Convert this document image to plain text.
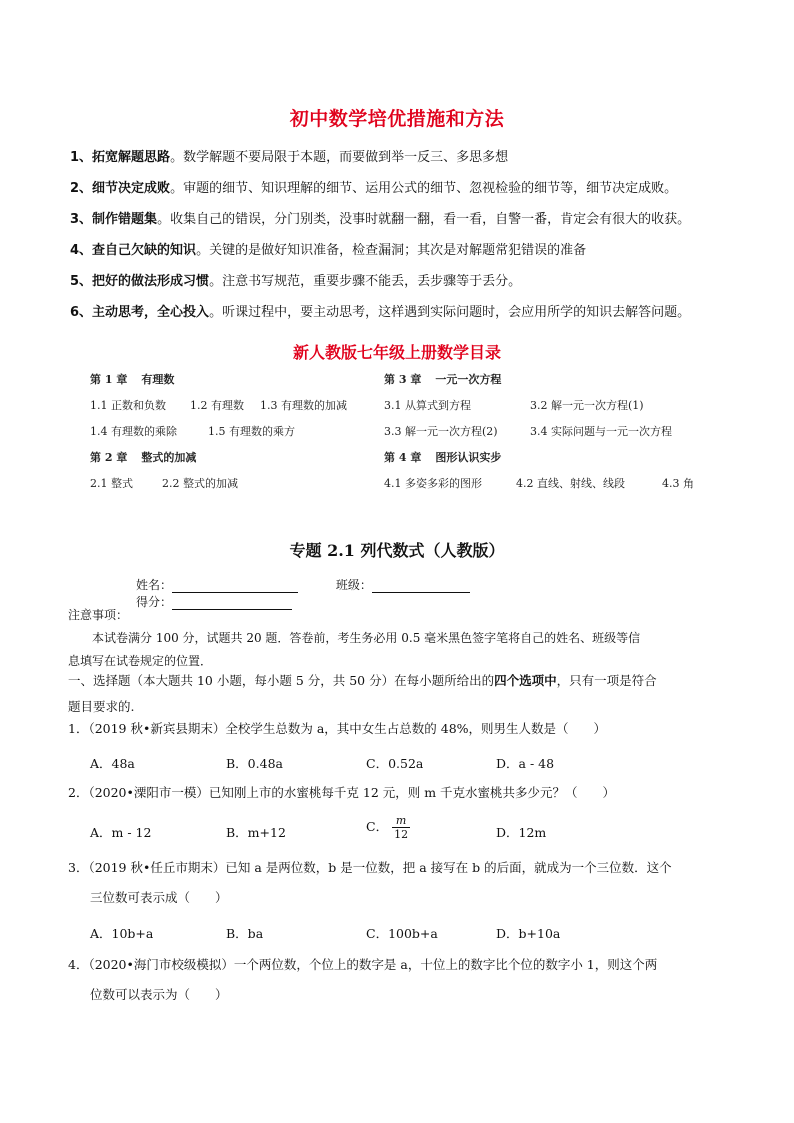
初中数学培优措施和方法
1、拓宽解题思路。数学解题不要局限于本题，而要做到举一反三、多思多想
2、细节决定成败。审题的细节、知识理解的细节、运用公式的细节、忽视检验的细节等，细节决定成败。
3、制作错题集。收集自己的错误，分门别类，没事时就翻一翻，看一看，自警一番，肯定会有很大的收获。
4、查自己欠缺的知识。关键的是做好知识准备，检查漏洞；其次是对解题常犯错误的准备
5、把好的做法形成习惯。注意书写规范，重要步骤不能丢，丢步骤等于丢分。
6、主动思考，全心投入。听课过程中，要主动思考，这样遇到实际问题时，会应用所学的知识去解答问题。
新人教版七年级上册数学目录
第 1 章 有理数
1.1 正数和负数 1.2 有理数 1.3 有理数的加减
1.4 有理数的乘除	1.5 有理数的乘方
第 2 章 整式的加减
2.1 整式	2.2 整式的加减
第 3 章 一元一次方程
3.1 从算式到方程	3.2 解一元一次方程(1)
3.3 解一元一次方程(2)	3.4 实际问题与一元一次方程
第 4 章 图形认识实步
4.1 多姿多彩的图形	4.2 直线、射线、线段	4.3 角
专题 2.1 列代数式（人教版）
姓名：	班级： 得分：
注意事项：
本试卷满分 100 分，试题共 20 题．答卷前，考生务必用 0.5 毫米黑色签字笔将自己的姓名、班级等信
息填写在试卷规定的位置．
一、选择题（本大题共 10 小题，每小题 5 分，共 50 分）在每小题所给出的四个选项中，只有一项是符合
题目要求的.
1．（2019 秋•新宾县期末）全校学生总数为 a，其中女生占总数的 48%，则男生人数是（　　）
A．48a	B．0.48a	C．0.52a	D．a - 48
2．（2020•溧阳市一模）已知刚上市的水蜜桃每千克 12 元，则 m 千克水蜜桃共多少元？（　　）
A．m - 12	B．m+12	C． $\frac{m}{12}$	D．12m
3．（2019 秋•任丘市期末）已知 a 是两位数，b 是一位数，把 a 接写在 b 的后面，就成为一个三位数．这个
三位数可表示成（　　）
A．10b+a	B．ba	C．100b+a	D．b+10a
4．（2020•海门市校级模拟）一个两位数，个位上的数字是 a，十位上的数字比个位的数字小 1，则这个两
位数可以表示为（　　）
